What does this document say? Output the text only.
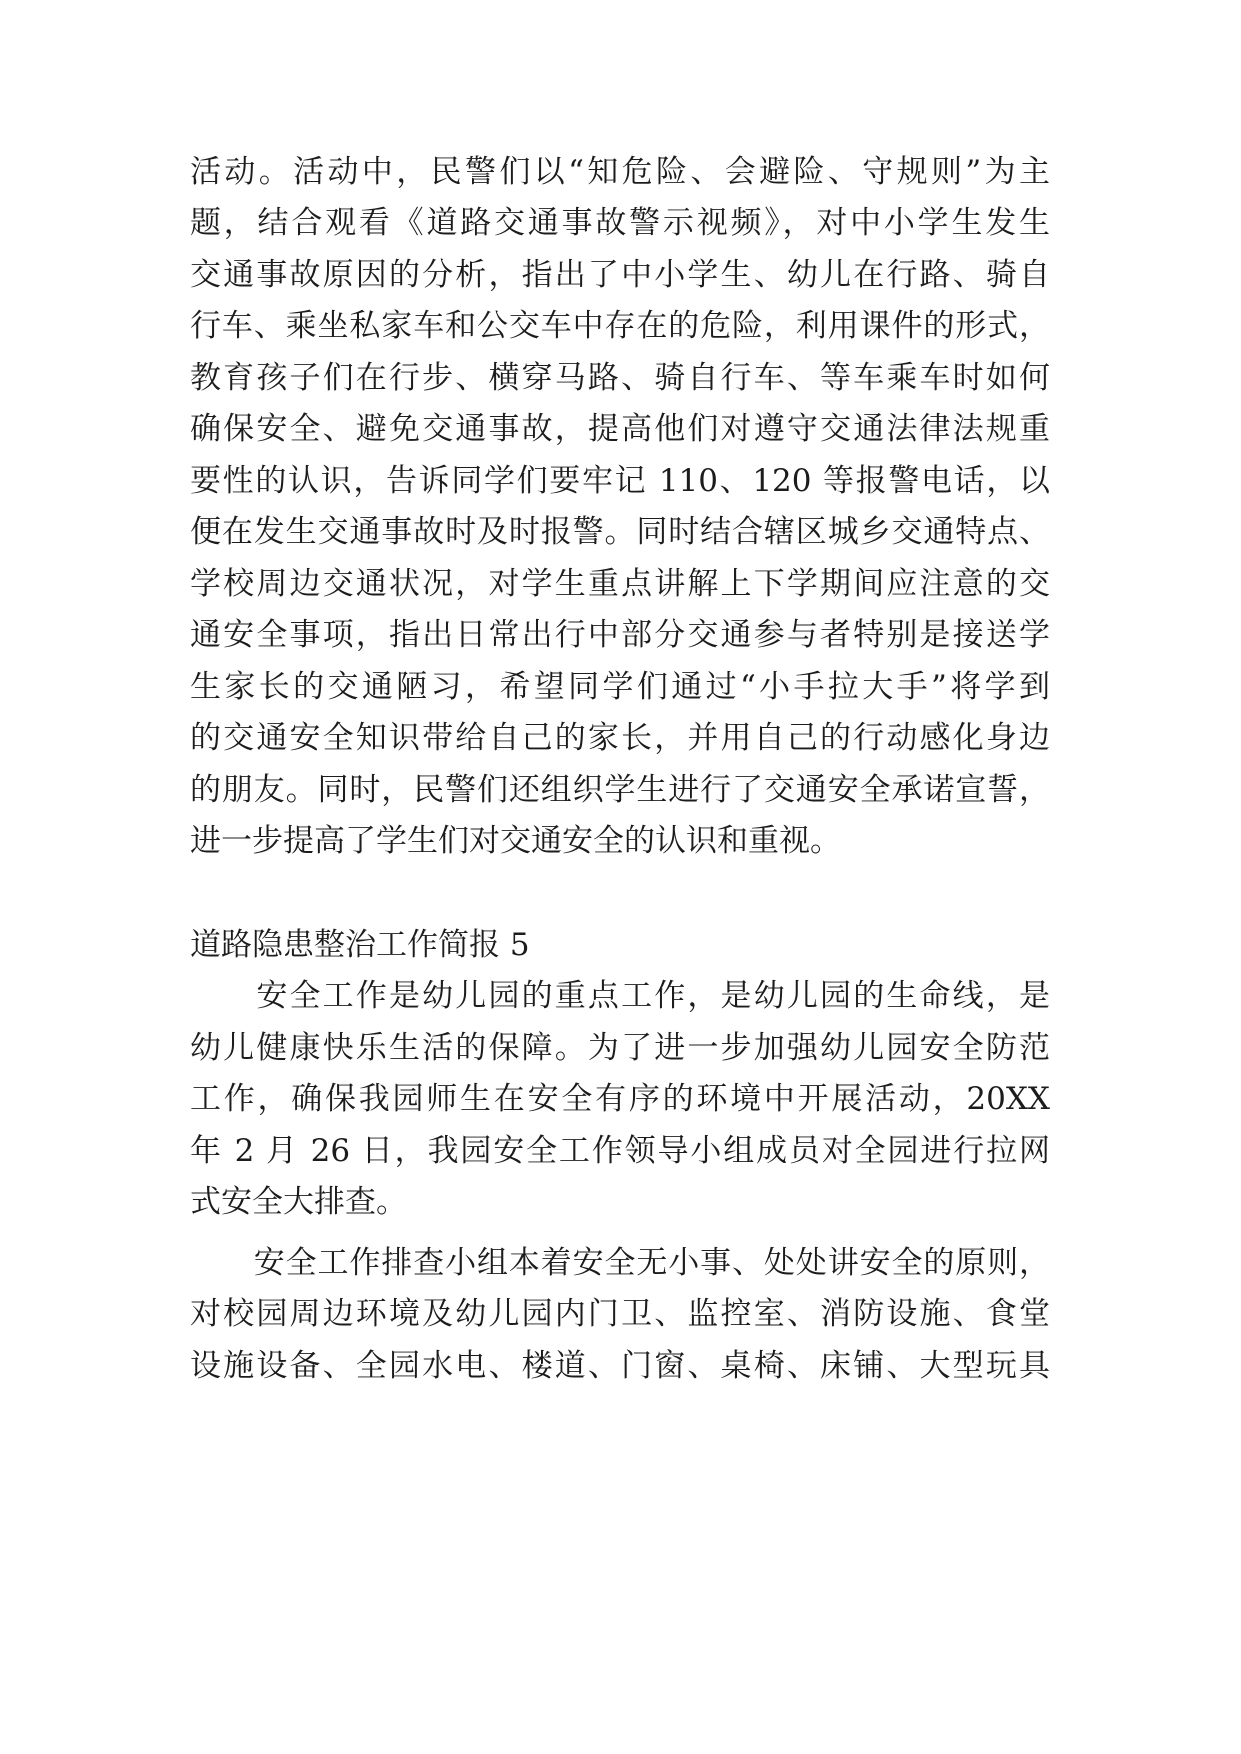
活动。活动中，民警们以“知危险、会避险、守规则”为主
题，结合观看《道路交通事故警示视频》，对中小学生发生
交通事故原因的分析，指出了中小学生、幼儿在行路、骑自
行车、乘坐私家车和公交车中存在的危险，利用课件的形式，
教育孩子们在行步、横穿马路、骑自行车、等车乘车时如何
确保安全、避免交通事故，提高他们对遵守交通法律法规重
要性的认识，告诉同学们要牢记 110、120 等报警电话，以
便在发生交通事故时及时报警。同时结合辖区城乡交通特点、
学校周边交通状况，对学生重点讲解上下学期间应注意的交
通安全事项，指出日常出行中部分交通参与者特别是接送学
生家长的交通陋习，希望同学们通过“小手拉大手”将学到
的交通安全知识带给自己的家长，并用自己的行动感化身边
的朋友。同时，民警们还组织学生进行了交通安全承诺宣誓，
进一步提高了学生们对交通安全的认识和重视。
道路隐患整治工作简报 5
　　安全工作是幼儿园的重点工作，是幼儿园的生命线，是
幼儿健康快乐生活的保障。为了进一步加强幼儿园安全防范
工作，确保我园师生在安全有序的环境中开展活动，20XX
年 2 月 26 日，我园安全工作领导小组成员对全园进行拉网
式安全大排查。
　　安全工作排查小组本着安全无小事、处处讲安全的原则，
对校园周边环境及幼儿园内门卫、监控室、消防设施、食堂
设施设备、全园水电、楼道、门窗、桌椅、床铺、大型玩具
